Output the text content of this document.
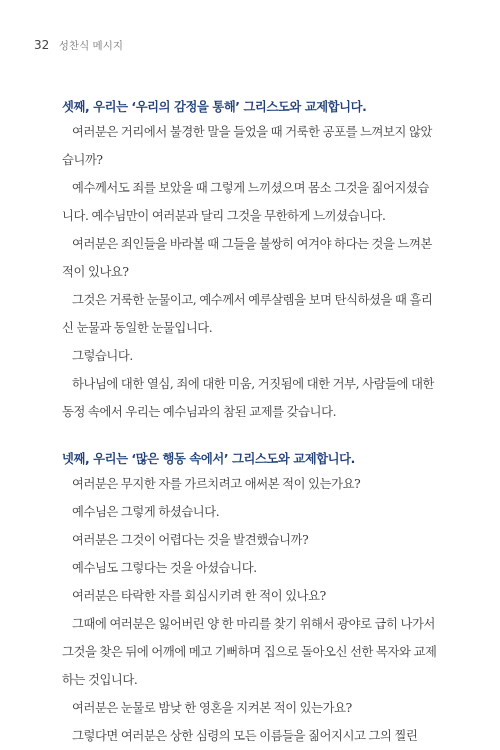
32 성찬식 메시지

셋째, 우리는 ‘우리의 감정을 통해’ 그리스도와 교제합니다.

여러분은 거리에서 불경한 말을 들었을 때 거룩한 공포를 느껴보지 않았습니까?

예수께서도 죄를 보았을 때 그렇게 느끼셨으며 몸소 그것을 짊어지셨습니다. 예수님만이 여러분과 달리 그것을 무한하게 느끼셨습니다.

여러분은 죄인들을 바라볼 때 그들을 불쌍히 여겨야 하다는 것을 느껴본 적이 있나요?

그것은 거룩한 눈물이고, 예수께서 예루살렘을 보며 탄식하셨을 때 흘리신 눈물과 동일한 눈물입니다.

그렇습니다.

하나님에 대한 열심, 죄에 대한 미움, 거짓됨에 대한 거부, 사람들에 대한 동정 속에서 우리는 예수님과의 참된 교제를 갖습니다.

넷째, 우리는 ‘많은 행동 속에서’ 그리스도와 교제합니다.

여러분은 무지한 자를 가르치려고 애써본 적이 있는가요?

예수님은 그렇게 하셨습니다.

여러분은 그것이 어렵다는 것을 발견했습니까?

예수님도 그렇다는 것을 아셨습니다.

여러분은 타락한 자를 회심시키려 한 적이 있나요?

그때에 여러분은 잃어버린 양 한 마리를 찾기 위해서 광야로 급히 나가서 그것을 찾은 뒤에 어깨에 메고 기뻐하며 집으로 돌아오신 선한 목자와 교제하는 것입니다.

여러분은 눈물로 밤낮 한 영혼을 지켜본 적이 있는가요?

그렇다면 여러분은 상한 심령의 모든 이름들을 짊어지시고 그의 찔린
